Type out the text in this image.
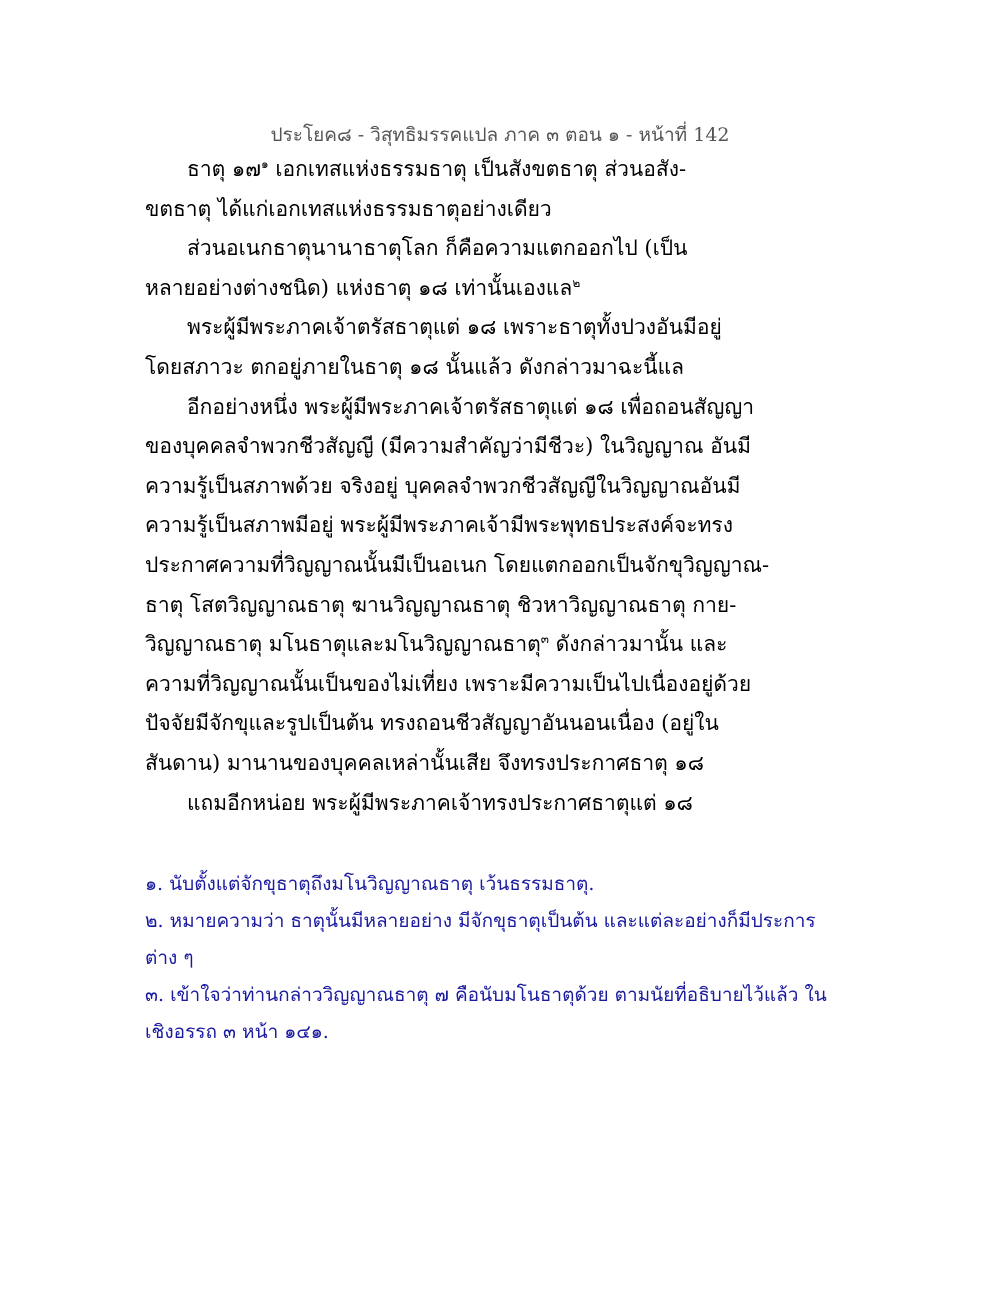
ประโยค๘ - วิสุทธิมรรคแปล ภาค ๓ ตอน ๑ - หน้าที่ 142
ธาตุ ๑๗$^๑$ เอกเทสแห่งธรรมธาตุ เป็นสังขตธาตุ ส่วนอสัง-
ขตธาตุ ได้แก่เอกเทสแห่งธรรมธาตุอย่างเดียว
ส่วนอเนกธาตุนานาธาตุโลก ก็คือความแตกออกไป (เป็น
หลายอย่างต่างชนิด) แห่งธาตุ ๑๘ เท่านั้นเองแล$^๒$
พระผู้มีพระภาคเจ้าตรัสธาตุแต่ ๑๘ เพราะธาตุทั้งปวงอันมีอยู่
โดยสภาวะ ตกอยู่ภายในธาตุ ๑๘ นั้นแล้ว ดังกล่าวมาฉะนี้แล
อีกอย่างหนึ่ง พระผู้มีพระภาคเจ้าตรัสธาตุแต่ ๑๘ เพื่อถอนสัญญา
ของบุคคลจำพวกชีวสัญญี (มีความสำคัญว่ามีชีวะ) ในวิญญาณ อันมี
ความรู้เป็นสภาพด้วย จริงอยู่ บุคคลจำพวกชีวสัญญีในวิญญาณอันมี
ความรู้เป็นสภาพมีอยู่ พระผู้มีพระภาคเจ้ามีพระพุทธประสงค์จะทรง
ประกาศความที่วิญญาณนั้นมีเป็นอเนก โดยแตกออกเป็นจักขุวิญญาณ-
ธาตุ โสตวิญญาณธาตุ ฆานวิญญาณธาตุ ชิวหาวิญญาณธาตุ กาย-
วิญญาณธาตุ มโนธาตุและมโนวิญญาณธาตุ$^๓$ ดังกล่าวมานั้น และ
ความที่วิญญาณนั้นเป็นของไม่เที่ยง เพราะมีความเป็นไปเนื่องอยู่ด้วย
ปัจจัยมีจักขุและรูปเป็นต้น ทรงถอนชีวสัญญาอันนอนเนื่อง (อยู่ใน
สันดาน) มานานของบุคคลเหล่านั้นเสีย จึงทรงประกาศธาตุ ๑๘
แถมอีกหน่อย พระผู้มีพระภาคเจ้าทรงประกาศธาตุแต่ ๑๘
๑. นับตั้งแต่จักขุธาตุถึงมโนวิญญาณธาตุ เว้นธรรมธาตุ.
๒. หมายความว่า ธาตุนั้นมีหลายอย่าง มีจักขุธาตุเป็นต้น และแต่ละอย่างก็มีประการ
ต่าง ๆ
๓. เข้าใจว่าท่านกล่าววิญญาณธาตุ ๗ คือนับมโนธาตุด้วย ตามนัยที่อธิบายไว้แล้ว ใน
เชิงอรรถ ๓ หน้า ๑๔๑.
